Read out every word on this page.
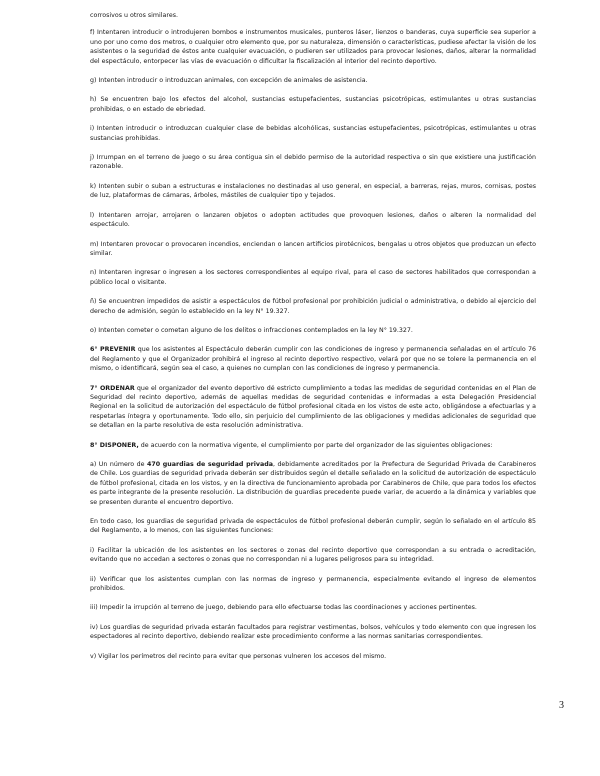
corrosivos u otros similares.

f) Intentaren introducir o introdujeren bombos e instrumentos musicales, punteros láser, lienzos o banderas, cuya superficie sea superior a uno por uno como dos metros, o cualquier otro elemento que, por su naturaleza, dimensión o características, pudiese afectar la visión de los asistentes o la seguridad de éstos ante cualquier evacuación, o pudieren ser utilizados para provocar lesiones, daños, alterar la normalidad del espectáculo, entorpecer las vías de evacuación o dificultar la fiscalización al interior del recinto deportivo.

g) Intenten introducir o introduzcan animales, con excepción de animales de asistencia.

h) Se encuentren bajo los efectos del alcohol, sustancias estupefacientes, sustancias psicotrópicas, estimulantes u otras sustancias prohibidas, o en estado de ebriedad.

i) Intenten introducir o introduzcan cualquier clase de bebidas alcohólicas, sustancias estupefacientes, psicotrópicas, estimulantes u otras sustancias prohibidas.

j) Irrumpan en el terreno de juego o su área contigua sin el debido permiso de la autoridad respectiva o sin que existiere una justificación razonable.

k) Intenten subir o suban a estructuras e instalaciones no destinadas al uso general, en especial, a barreras, rejas, muros, cornisas, postes de luz, plataformas de cámaras, árboles, mástiles de cualquier tipo y tejados.

l) Intentaren arrojar, arrojaren o lanzaren objetos o adopten actitudes que provoquen lesiones, daños o alteren la normalidad del espectáculo.

m) Intentaren provocar o provocaren incendios, enciendan o lancen artificios pirotécnicos, bengalas u otros objetos que produzcan un efecto similar.

n) Intentaren ingresar o ingresen a los sectores correspondientes al equipo rival, para el caso de sectores habilitados que correspondan a público local o visitante.

ñ) Se encuentren impedidos de asistir a espectáculos de fútbol profesional por prohibición judicial o administrativa, o debido al ejercicio del derecho de admisión, según lo establecido en la ley N° 19.327.

o) Intenten cometer o cometan alguno de los delitos o infracciones contemplados en la ley N° 19.327.

6° PREVENIR que los asistentes al Espectáculo deberán cumplir con las condiciones de ingreso y permanencia señaladas en el artículo 76 del Reglamento y que el Organizador prohibirá el ingreso al recinto deportivo respectivo, velará por que no se tolere la permanencia en el mismo, o identificará, según sea el caso, a quienes no cumplan con las condiciones de ingreso y permanencia.

7° ORDENAR que el organizador del evento deportivo dé estricto cumplimiento a todas las medidas de seguridad contenidas en el Plan de Seguridad del recinto deportivo, además de aquellas medidas de seguridad contenidas e informadas a esta Delegación Presidencial Regional en la solicitud de autorización del espectáculo de fútbol profesional citada en los vistos de este acto, obligándose a efectuarlas y a respetarlas íntegra y oportunamente. Todo ello, sin perjuicio del cumplimiento de las obligaciones y medidas adicionales de seguridad que se detallan en la parte resolutiva de esta resolución administrativa.

8° DISPONER, de acuerdo con la normativa vigente, el cumplimiento por parte del organizador de las siguientes obligaciones:

a) Un número de 470 guardias de seguridad privada, debidamente acreditados por la Prefectura de Seguridad Privada de Carabineros de Chile. Los guardias de seguridad privada deberán ser distribuidos según el detalle señalado en la solicitud de autorización de espectáculo de fútbol profesional, citada en los vistos, y en la directiva de funcionamiento aprobada por Carabineros de Chile, que para todos los efectos es parte integrante de la presente resolución. La distribución de guardias precedente puede variar, de acuerdo a la dinámica y variables que se presenten durante el encuentro deportivo.

En todo caso, los guardias de seguridad privada de espectáculos de fútbol profesional deberán cumplir, según lo señalado en el artículo 85 del Reglamento, a lo menos, con las siguientes funciones:

i) Facilitar la ubicación de los asistentes en los sectores o zonas del recinto deportivo que correspondan a su entrada o acreditación, evitando que no accedan a sectores o zonas que no correspondan ni a lugares peligrosos para su integridad.

ii) Verificar que los asistentes cumplan con las normas de ingreso y permanencia, especialmente evitando el ingreso de elementos prohibidos.

iii) Impedir la irrupción al terreno de juego, debiendo para ello efectuarse todas las coordinaciones y acciones pertinentes.

iv) Los guardias de seguridad privada estarán facultados para registrar vestimentas, bolsos, vehículos y todo elemento con que ingresen los espectadores al recinto deportivo, debiendo realizar este procedimiento conforme a las normas sanitarias correspondientes.

v) Vigilar los perímetros del recinto para evitar que personas vulneren los accesos del mismo.

3
